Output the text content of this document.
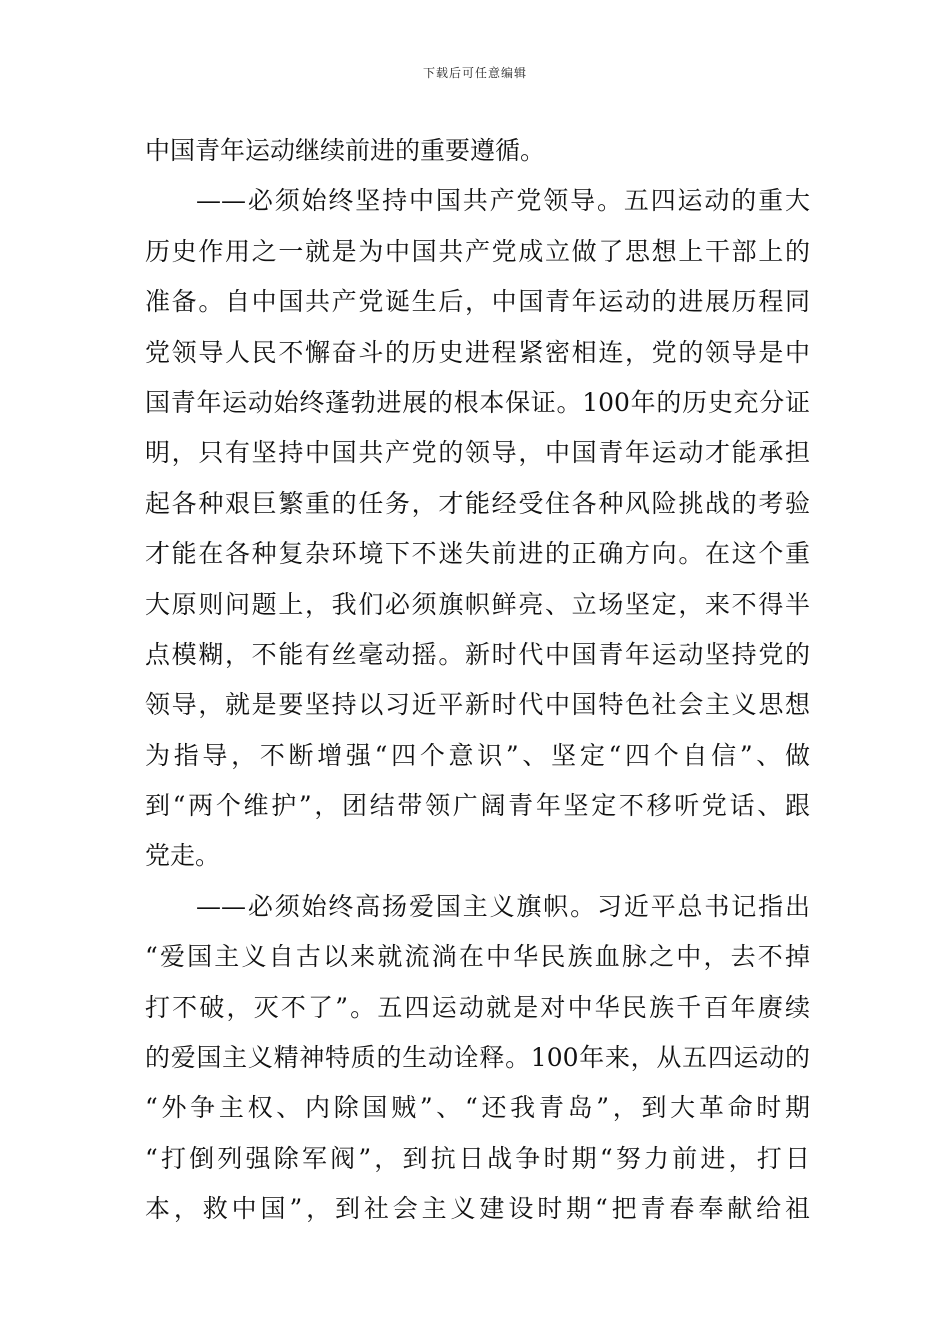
下载后可任意编辑
中国青年运动继续前进的重要遵循。
——必须始终坚持中国共产党领导。五四运动的重大
历史作用之一就是为中国共产党成立做了思想上干部上的
准备。自中国共产党诞生后，中国青年运动的进展历程同
党领导人民不懈奋斗的历史进程紧密相连，党的领导是中
国青年运动始终蓬勃进展的根本保证。100年的历史充分证
明，只有坚持中国共产党的领导，中国青年运动才能承担
起各种艰巨繁重的任务，才能经受住各种风险挑战的考验
才能在各种复杂环境下不迷失前进的正确方向。在这个重
大原则问题上，我们必须旗帜鲜亮、立场坚定，来不得半
点模糊，不能有丝毫动摇。新时代中国青年运动坚持党的
领导，就是要坚持以习近平新时代中国特色社会主义思想
为指导，不断增强“四个意识”、坚定“四个自信”、做
到“两个维护”，团结带领广阔青年坚定不移听党话、跟
党走。
——必须始终高扬爱国主义旗帜。习近平总书记指出
“爱国主义自古以来就流淌在中华民族血脉之中，去不掉
打不破，灭不了”。五四运动就是对中华民族千百年赓续
的爱国主义精神特质的生动诠释。100年来，从五四运动的
“外争主权、内除国贼”、“还我青岛”，到大革命时期
“打倒列强除军阀”，到抗日战争时期“努力前进，打日
本，救中国”，到社会主义建设时期“把青春奉献给祖
